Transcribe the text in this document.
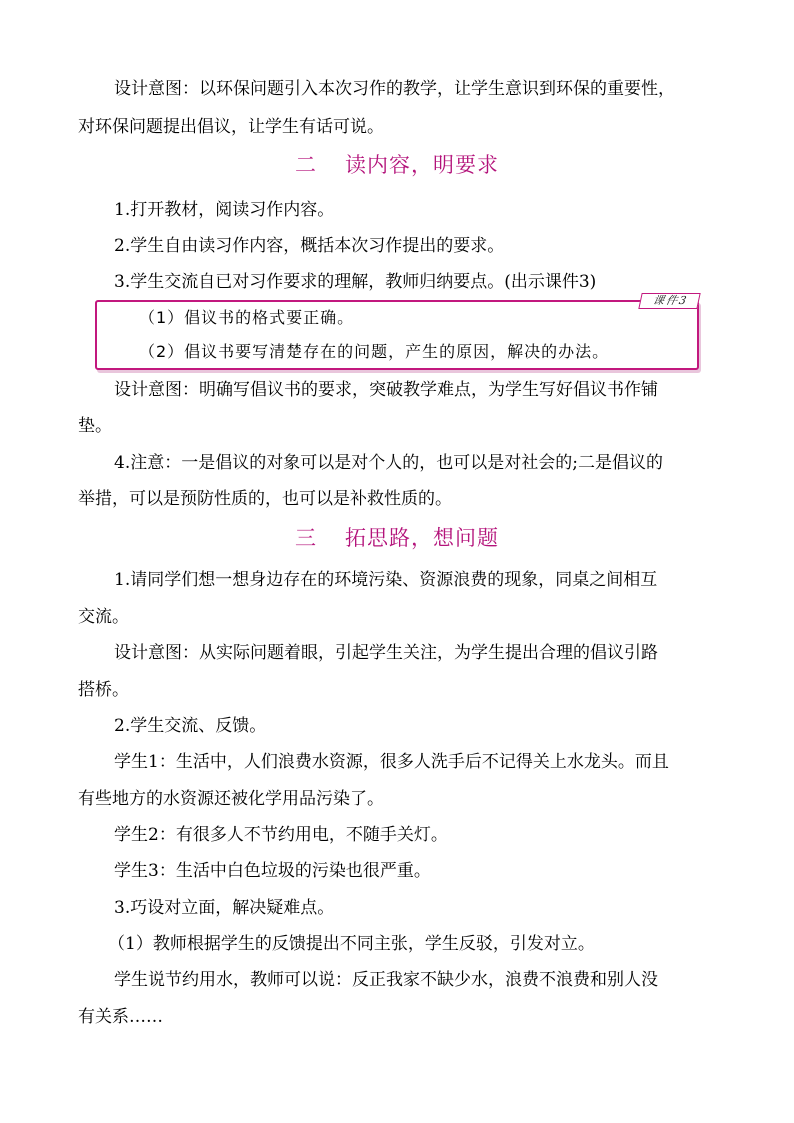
设计意图：以环保问题引入本次习作的教学，让学生意识到环保的重要性，
对环保问题提出倡议，让学生有话可说。
二 读内容，明要求
1.打开教材，阅读习作内容。
2.学生自由读习作内容，概括本次习作提出的要求。
3.学生交流自已对习作要求的理解，教师归纳要点。(出示课件3)
课件3
（1）倡议书的格式要正确。
（2）倡议书要写清楚存在的问题，产生的原因，解决的办法。
设计意图：明确写倡议书的要求，突破教学难点，为学生写好倡议书作铺
垫。
4.注意：一是倡议的对象可以是对个人的，也可以是对社会的;二是倡议的
举措，可以是预防性质的，也可以是补救性质的。
三 拓思路，想问题
1.请同学们想一想身边存在的环境污染、资源浪费的现象，同桌之间相互
交流。
设计意图：从实际问题着眼，引起学生关注，为学生提出合理的倡议引路
搭桥。
2.学生交流、反馈。
学生1：生活中，人们浪费水资源，很多人洗手后不记得关上水龙头。而且
有些地方的水资源还被化学用品污染了。
学生2：有很多人不节约用电，不随手关灯。
学生3：生活中白色垃圾的污染也很严重。
3.巧设对立面，解决疑难点。
（1）教师根据学生的反馈提出不同主张，学生反驳，引发对立。
学生说节约用水，教师可以说：反正我家不缺少水，浪费不浪费和别人没
有关系……
